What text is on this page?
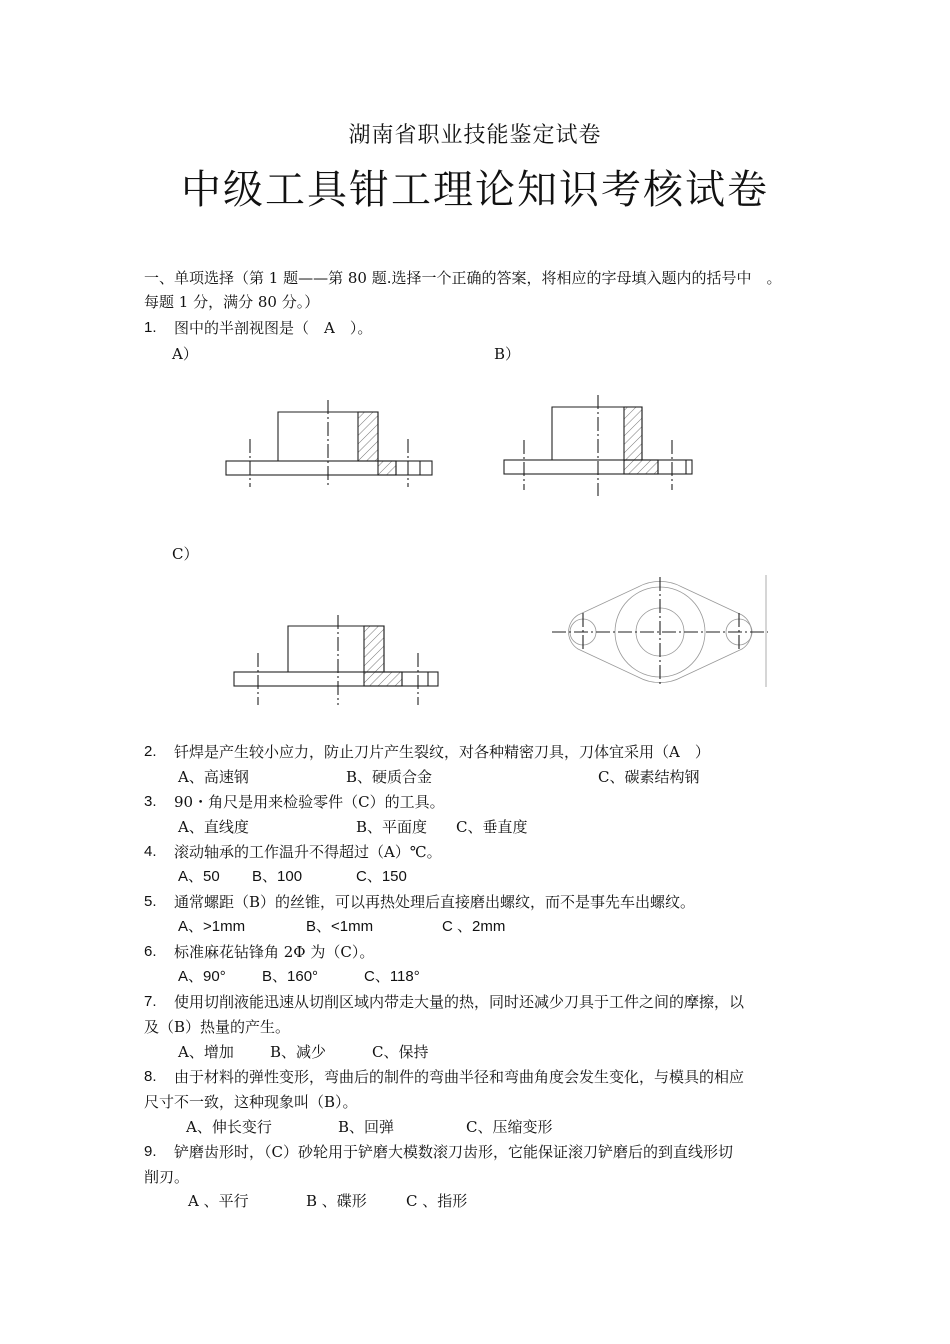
湖南省职业技能鉴定试卷
中级工具钳工理论知识考核试卷
一、单项选择（第 1 题——第 80 题.选择一个正确的答案，将相应的字母填入题内的括号中　。
每题 1 分，满分 80 分。）
1. 图中的半剖视图是（　A　）。
A）	B）
C）
2. 钎焊是产生较小应力，防止刀片产生裂纹，对各种精密刀具，刀体宜采用（A　）
A、高速钢	B、硬质合金	C、碳素结构钢
3. 90・角尺是用来检验零件（C）的工具。
A、直线度	B、平面度 C、垂直度
4. 滚动轴承的工作温升不得超过（A）℃。
A、50 B、100	C、150
5. 通常螺距（B）的丝锥，可以再热处理后直接磨出螺纹，而不是事先车出螺纹。
A、>1mm	B、<1mm	C 、2mm
6. 标准麻花钻锋角 2Φ 为（C）。
A、90° B、160°	C、118°
7. 使用切削液能迅速从切削区域内带走大量的热，同时还减少刀具于工件之间的摩擦，以
及（B）热量的产生。
A、增加 B、减少	C、保持
8. 由于材料的弹性变形，弯曲后的制件的弯曲半径和弯曲角度会发生变化，与模具的相应
尺寸不一致，这种现象叫（B）。
A、伸长变行	B、回弹	C、压缩变形
9. 铲磨齿形时，（C）砂轮用于铲磨大模数滚刀齿形，它能保证滚刀铲磨后的到直线形切
削刃。
A 、平行	B 、碟形	C 、指形
